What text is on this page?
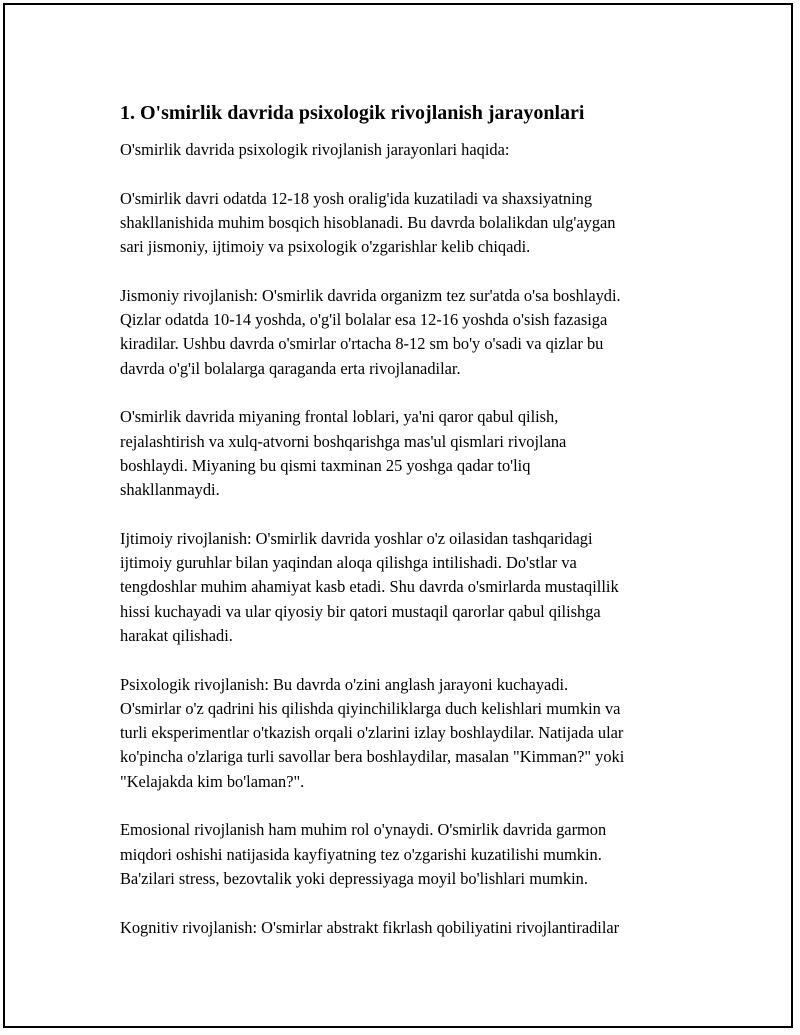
1. O'smirlik davrida psixologik rivojlanish jarayonlari

O'smirlik davrida psixologik rivojlanish jarayonlari haqida:

O'smirlik davri odatda 12-18 yosh oralig'ida kuzatiladi va shaxsiyatning
shakllanishida muhim bosqich hisoblanadi. Bu davrda bolalikdan ulg'aygan
sari jismoniy, ijtimoiy va psixologik o'zgarishlar kelib chiqadi.

Jismoniy rivojlanish: O'smirlik davrida organizm tez sur'atda o'sa boshlaydi.
Qizlar odatda 10-14 yoshda, o'g'il bolalar esa 12-16 yoshda o'sish fazasiga
kiradilar. Ushbu davrda o'smirlar o'rtacha 8-12 sm bo'y o'sadi va qizlar bu
davrda o'g'il bolalarga qaraganda erta rivojlanadilar.

O'smirlik davrida miyaning frontal loblari, ya'ni qaror qabul qilish,
rejalashtirish va xulq-atvorni boshqarishga mas'ul qismlari rivojlana
boshlaydi. Miyaning bu qismi taxminan 25 yoshga qadar to'liq
shakllanmaydi.

Ijtimoiy rivojlanish: O'smirlik davrida yoshlar o'z oilasidan tashqaridagi
ijtimoiy guruhlar bilan yaqindan aloqa qilishga intilishadi. Do'stlar va
tengdoshlar muhim ahamiyat kasb etadi. Shu davrda o'smirlarda mustaqillik
hissi kuchayadi va ular qiyosiy bir qatori mustaqil qarorlar qabul qilishga
harakat qilishadi.

Psixologik rivojlanish: Bu davrda o'zini anglash jarayoni kuchayadi.
O'smirlar o'z qadrini his qilishda qiyinchiliklarga duch kelishlari mumkin va
turli eksperimentlar o'tkazish orqali o'zlarini izlay boshlaydilar. Natijada ular
ko'pincha o'zlariga turli savollar bera boshlaydilar, masalan "Kimman?" yoki
"Kelajakda kim bo'laman?".

Emosional rivojlanish ham muhim rol o'ynaydi. O'smirlik davrida garmon
miqdori oshishi natijasida kayfiyatning tez o'zgarishi kuzatilishi mumkin.
Ba'zilari stress, bezovtalik yoki depressiyaga moyil bo'lishlari mumkin.

Kognitiv rivojlanish: O'smirlar abstrakt fikrlash qobiliyatini rivojlantiradilar
